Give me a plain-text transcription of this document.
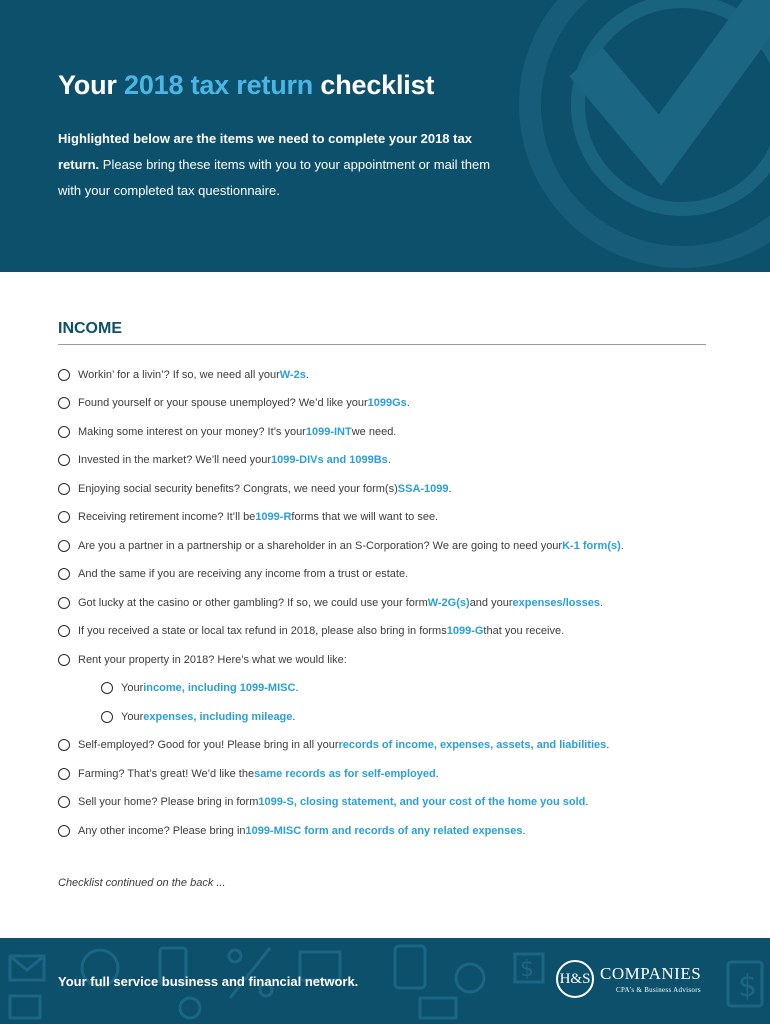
Your 2018 tax return checklist

Highlighted below are the items we need to complete your 2018 tax return. Please bring these items with you to your appointment or mail them with your completed tax questionnaire.

INCOME
Workin’ for a livin’? If so, we need all your W-2s .
Found yourself or your spouse unemployed? We’d like your 1099Gs .
Making some interest on your money? It’s your 1099-INT we need.
Invested in the market? We’ll need your 1099-DIVs and 1099Bs .
Enjoying social security benefits? Congrats, we need your form(s) SSA-1099 .
Receiving retirement income? It’ll be 1099-R forms that we will want to see.
Are you a partner in a partnership or a shareholder in an S-Corporation? We are going to need your K-1 form(s) .
And the same if you are receiving any income from a trust or estate.
Got lucky at the casino or other gambling? If so, we could use your form W-2G(s) and your expenses/losses .
If you received a state or local tax refund in 2018, please also bring in forms 1099-G that you receive.
Rent your property in 2018? Here’s what we would like:
Your income, including 1099-MISC .
Your expenses, including mileage .
Self-employed? Good for you! Please bring in all your records of income, expenses, assets, and liabilities .
Farming? That’s great! We’d like the same records as for self-employed .
Sell your home? Please bring in form 1099-S, closing statement, and your cost of the home you sold .
Any other income? Please bring in 1099-MISC form and records of any related expenses .

Checklist continued on the back ...

$
$

Your full service business and financial network.	H&S COMPANIES
CPA’s & Business Advisors
